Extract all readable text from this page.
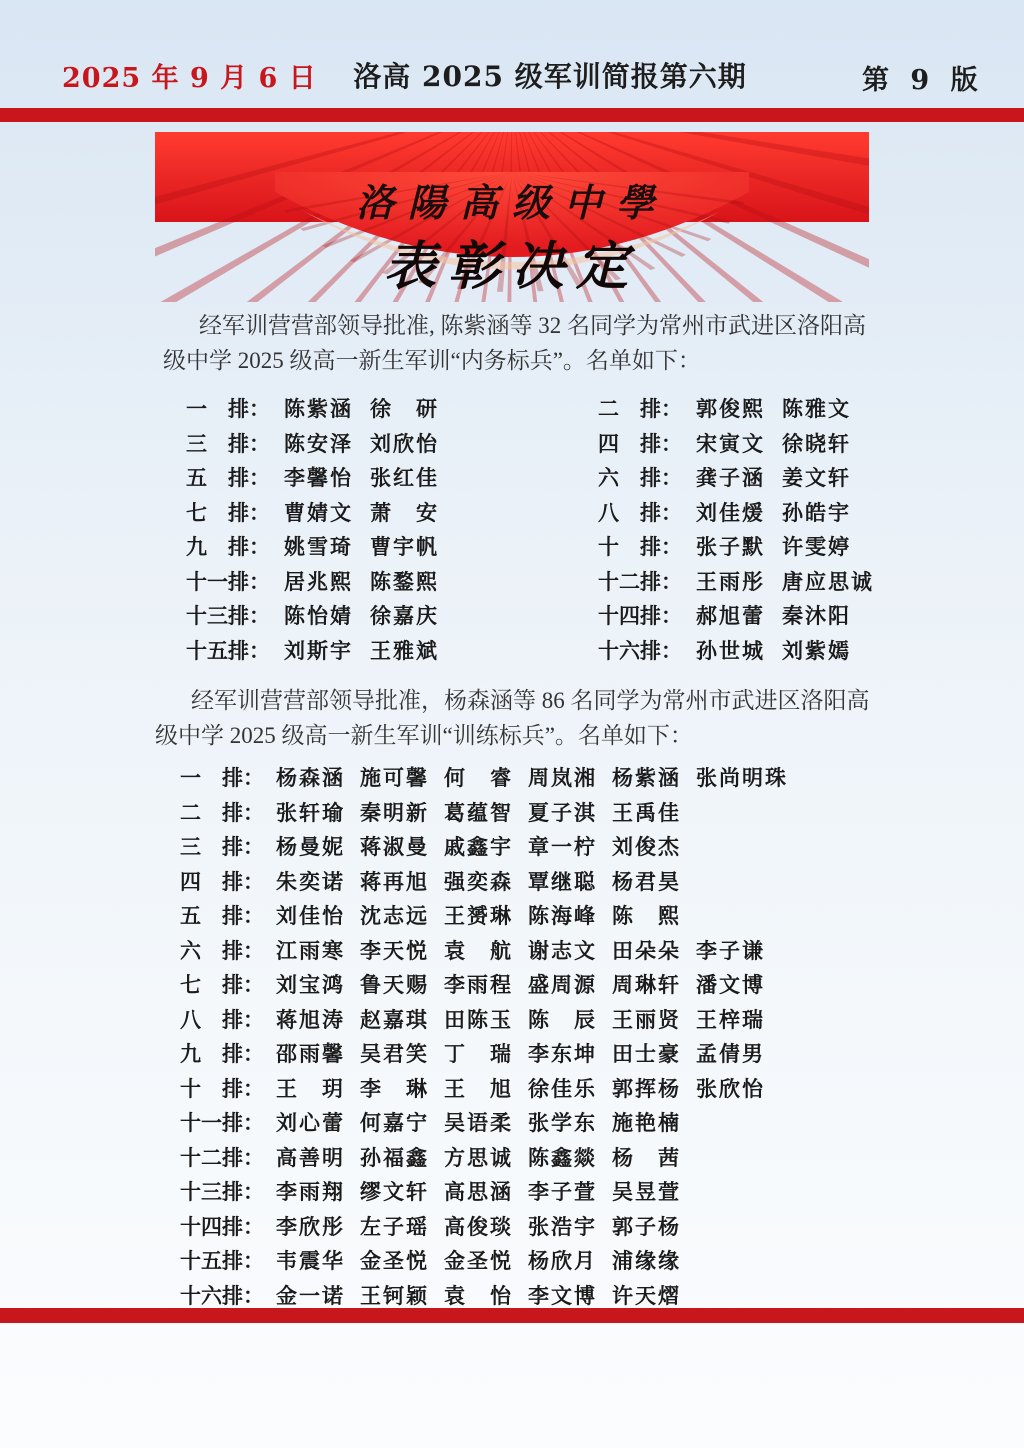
2025 年 9 月 6 日	洛高 2025 级军训简报第六期	第 9 版
洛陽高级中學
表彰决定
经军训营营部领导批准, 陈紫涵等 32 名同学为常州市武进区洛阳高级中学 2025 级高一新生军训“内务标兵”。名单如下：
一　排： 陈紫涵 徐　研
三　排： 陈安泽 刘欣怡
五　排： 李馨怡 张红佳
七　排： 曹婧文 萧　安
九　排： 姚雪琦 曹宇帆
十一排： 居兆熙 陈鍪熙
十三排： 陈怡婧 徐嘉庆
十五排： 刘斯宇 王雅斌
二　排： 郭俊熙 陈雅文
四　排： 宋寅文 徐晓轩
六　排： 龚子涵 姜文轩
八　排： 刘佳煖 孙皓宇
十　排： 张子默 许雯婷
十二排： 王雨彤 唐应思诚
十四排： 郝旭蕾 秦沐阳
十六排： 孙世城 刘紫嫣
经军训营营部领导批准，杨森涵等 86 名同学为常州市武进区洛阳高级中学 2025 级高一新生军训“训练标兵”。名单如下：
一　排： 杨森涵 施可馨 何　睿 周岚湘 杨紫涵 张尚明珠
二　排： 张轩瑜 秦明新 葛蕴智 夏子淇 王禹佳
三　排： 杨曼妮 蒋淑曼 戚鑫宇 章一柠 刘俊杰
四　排： 朱奕诺 蒋再旭 强奕森 覃继聪 杨君昊
五　排： 刘佳怡 沈志远 王赟琳 陈海峰 陈　熙
六　排： 江雨寒 李天悦 袁　航 谢志文 田朵朵 李子谦
七　排： 刘宝鸿 鲁天赐 李雨程 盛周源 周琳轩 潘文博
八　排： 蒋旭涛 赵嘉琪 田陈玉 陈　辰 王丽贤 王梓瑞
九　排： 邵雨馨 吴君笑 丁　瑞 李东坤 田士豪 孟倩男
十　排： 王　玥 李　琳 王　旭 徐佳乐 郭挥杨 张欣怡
十一排： 刘心蕾 何嘉宁 吴语柔 张学东 施艳楠
十二排： 高善明 孙福鑫 方思诚 陈鑫燚 杨　茜
十三排： 李雨翔 缪文轩 高思涵 李子萱 吴昱萱
十四排： 李欣彤 左子瑶 高俊琰 张浩宇 郭子杨
十五排： 韦震华 金圣悦 金圣悦 杨欣月 浦缘缘
十六排： 金一诺 王钶颖 袁　怡 李文博 许天熠
